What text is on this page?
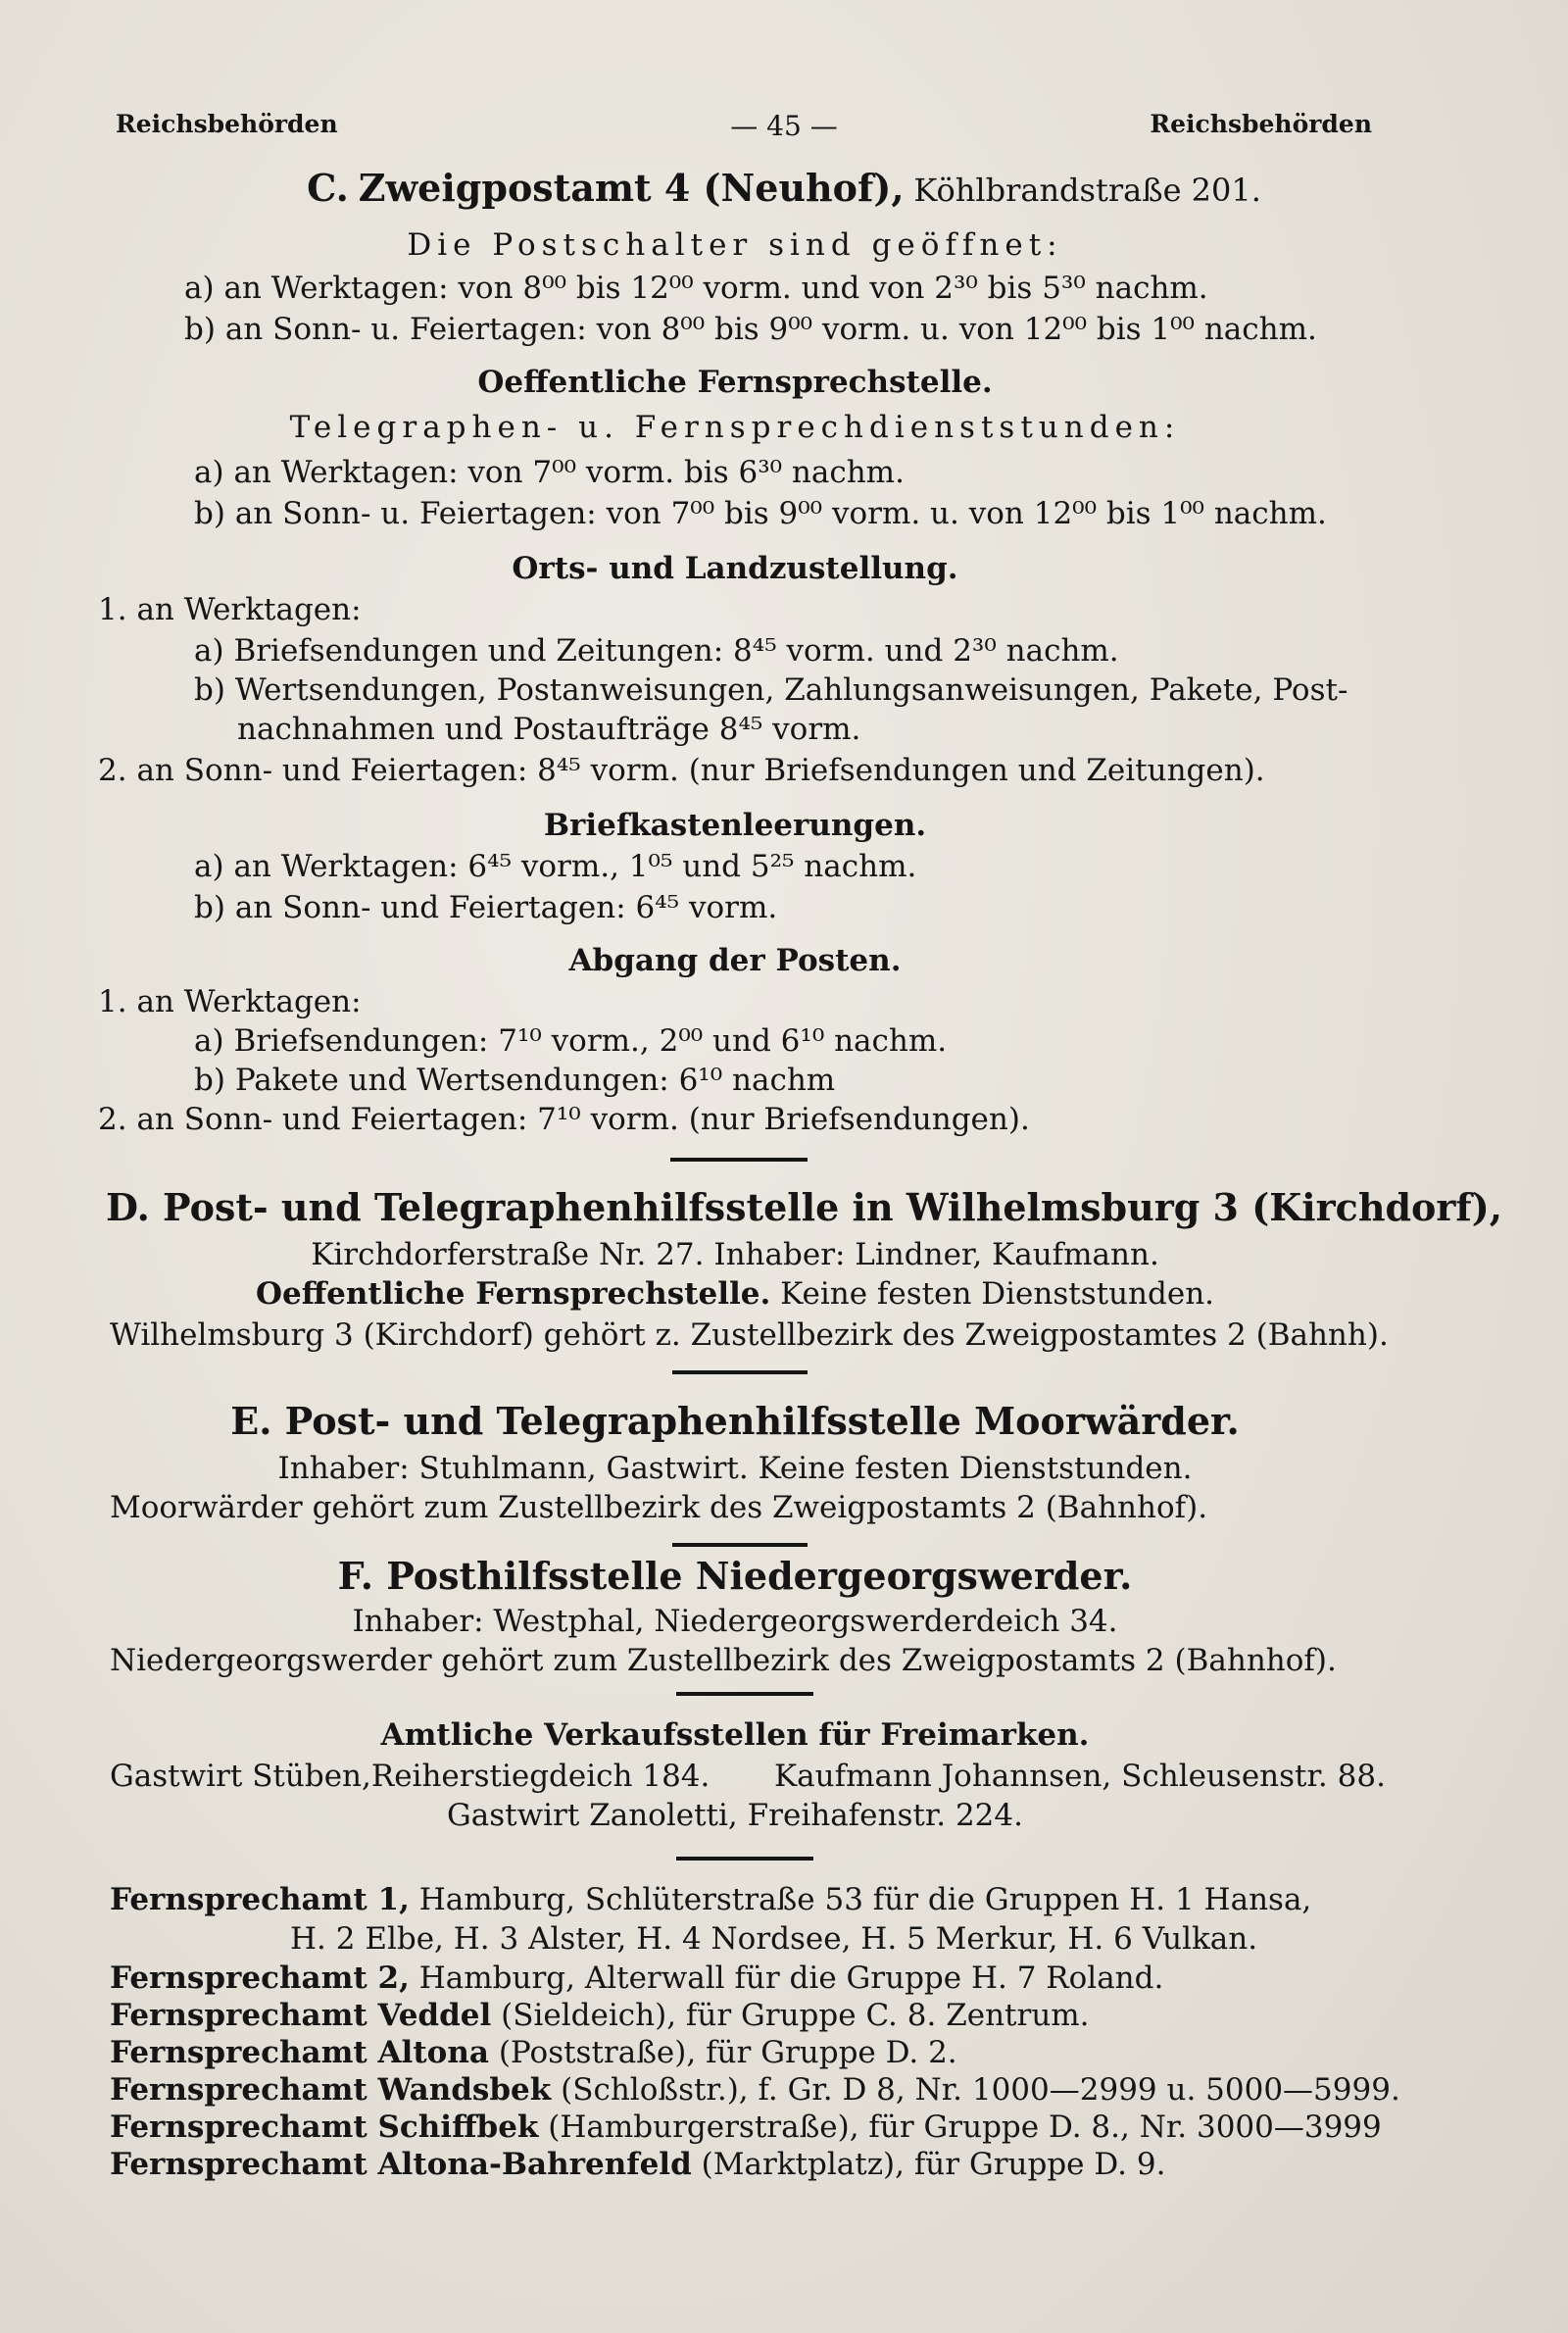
Reichsbehörden	— 45 —	Reichsbehörden
C. Zweigpostamt 4 (Neuhof), Köhlbrandstraße 201.
Die Postschalter sind geöffnet:
a) an Werktagen: von 8⁰⁰ bis 12⁰⁰ vorm. und von 2³⁰ bis 5³⁰ nachm.
b) an Sonn- u. Feiertagen: von 8⁰⁰ bis 9⁰⁰ vorm. u. von 12⁰⁰ bis 1⁰⁰ nachm.
Oeffentliche Fernsprechstelle.
Telegraphen- u. Fernsprechdienststunden:
a) an Werktagen: von 7⁰⁰ vorm. bis 6³⁰ nachm.
b) an Sonn- u. Feiertagen: von 7⁰⁰ bis 9⁰⁰ vorm. u. von 12⁰⁰ bis 1⁰⁰ nachm.
Orts- und Landzustellung.
1. an Werktagen:
a) Briefsendungen und Zeitungen: 8⁴⁵ vorm. und 2³⁰ nachm.
b) Wertsendungen, Postanweisungen, Zahlungsanweisungen, Pakete, Post-
nachnahmen und Postaufträge 8⁴⁵ vorm.
2. an Sonn- und Feiertagen: 8⁴⁵ vorm. (nur Briefsendungen und Zeitungen).
Briefkastenleerungen.
a) an Werktagen: 6⁴⁵ vorm., 1⁰⁵ und 5²⁵ nachm.
b) an Sonn- und Feiertagen: 6⁴⁵ vorm.
Abgang der Posten.
1. an Werktagen:
a) Briefsendungen: 7¹⁰ vorm., 2⁰⁰ und 6¹⁰ nachm.
b) Pakete und Wertsendungen: 6¹⁰ nachm
2. an Sonn- und Feiertagen: 7¹⁰ vorm. (nur Briefsendungen).
D. Post- und Telegraphenhilfsstelle in Wilhelmsburg 3 (Kirchdorf),
Kirchdorferstraße Nr. 27. Inhaber: Lindner, Kaufmann.
Oeffentliche Fernsprechstelle. Keine festen Dienststunden.
Wilhelmsburg 3 (Kirchdorf) gehört z. Zustellbezirk des Zweigpostamtes 2 (Bahnh).
E. Post- und Telegraphenhilfsstelle Moorwärder.
Inhaber: Stuhlmann, Gastwirt. Keine festen Dienststunden.
Moorwärder gehört zum Zustellbezirk des Zweigpostamts 2 (Bahnhof).
F. Posthilfsstelle Niedergeorgswerder.
Inhaber: Westphal, Niedergeorgswerderdeich 34.
Niedergeorgswerder gehört zum Zustellbezirk des Zweigpostamts 2 (Bahnhof).
Amtliche Verkaufsstellen für Freimarken.
Gastwirt Stüben,Reiherstiegdeich 184. Kaufmann Johannsen, Schleusenstr. 88.
Gastwirt Zanoletti, Freihafenstr. 224.
Fernsprechamt 1, Hamburg, Schlüterstraße 53 für die Gruppen H. 1 Hansa,
H. 2 Elbe, H. 3 Alster, H. 4 Nordsee, H. 5 Merkur, H. 6 Vulkan.
Fernsprechamt 2, Hamburg, Alterwall für die Gruppe H. 7 Roland.
Fernsprechamt Veddel (Sieldeich), für Gruppe C. 8. Zentrum.
Fernsprechamt Altona (Poststraße), für Gruppe D. 2.
Fernsprechamt Wandsbek (Schloßstr.), f. Gr. D 8, Nr. 1000—2999 u. 5000—5999.
Fernsprechamt Schiffbek (Hamburgerstraße), für Gruppe D. 8., Nr. 3000—3999
Fernsprechamt Altona-Bahrenfeld (Marktplatz), für Gruppe D. 9.
